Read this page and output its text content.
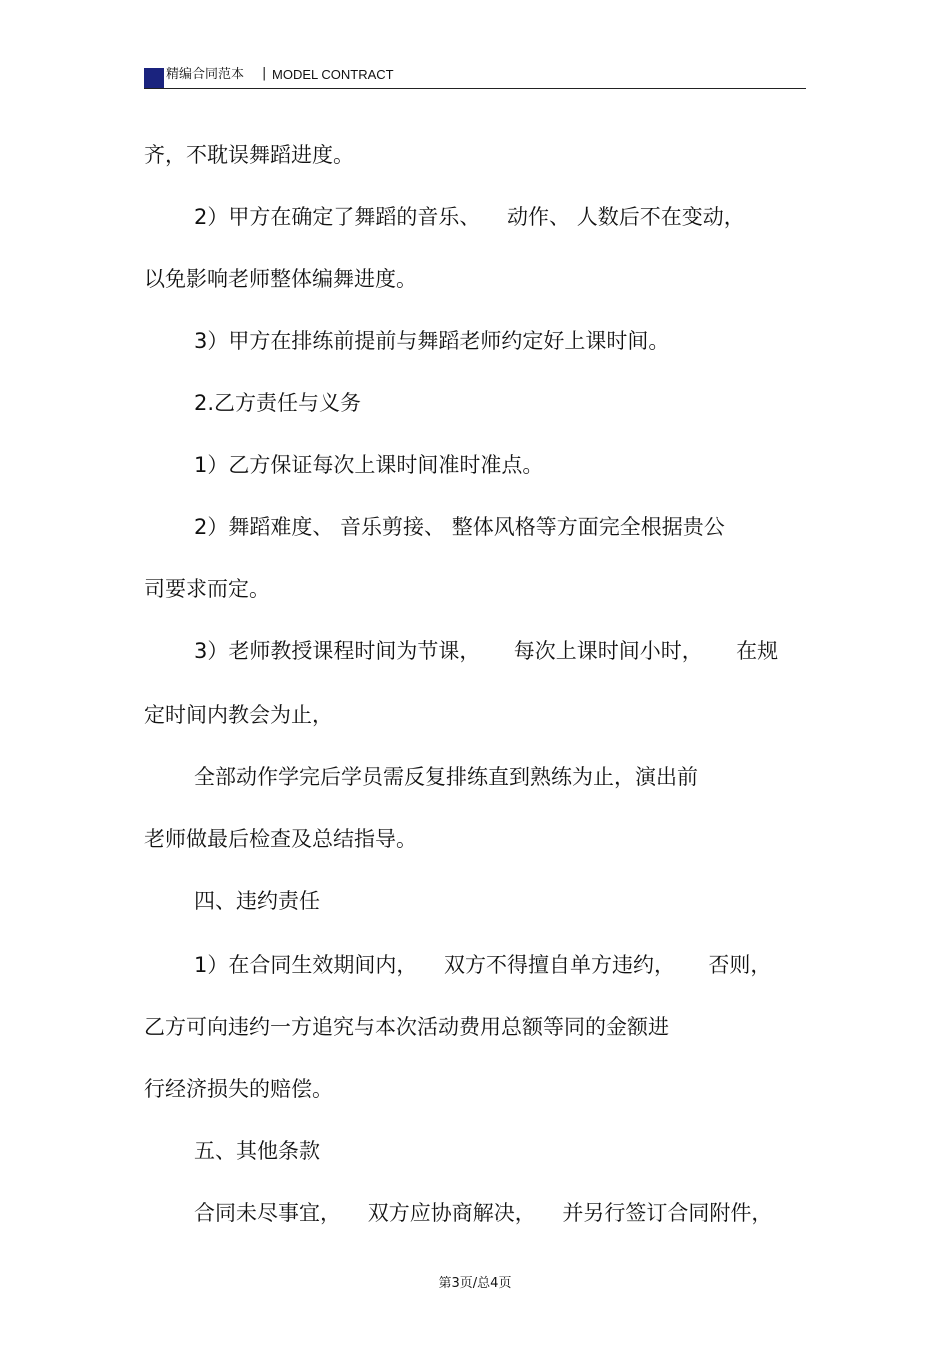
精编合同范本 | MODEL CONTRACT
齐，不耽误舞蹈进度。
2）甲方在确定了舞蹈的音乐、    动作、 人数后不在变动，
以免影响老师整体编舞进度。
3）甲方在排练前提前与舞蹈老师约定好上课时间。
2.乙方责任与义务
1）乙方保证每次上课时间准时准点。
2）舞蹈难度、 音乐剪接、 整体风格等方面完全根据贵公
司要求而定。
3）老师教授课程时间为节课，     每次上课时间小时，     在规
定时间内教会为止，
全部动作学完后学员需反复排练直到熟练为止，演出前
老师做最后检查及总结指导。
四、违约责任
1）在合同生效期间内，    双方不得擅自单方违约，     否则，
乙方可向违约一方追究与本次活动费用总额等同的金额进
行经济损失的赔偿。
五、其他条款
合同未尽事宜，    双方应协商解决，    并另行签订合同附件，
第3页/总4页
